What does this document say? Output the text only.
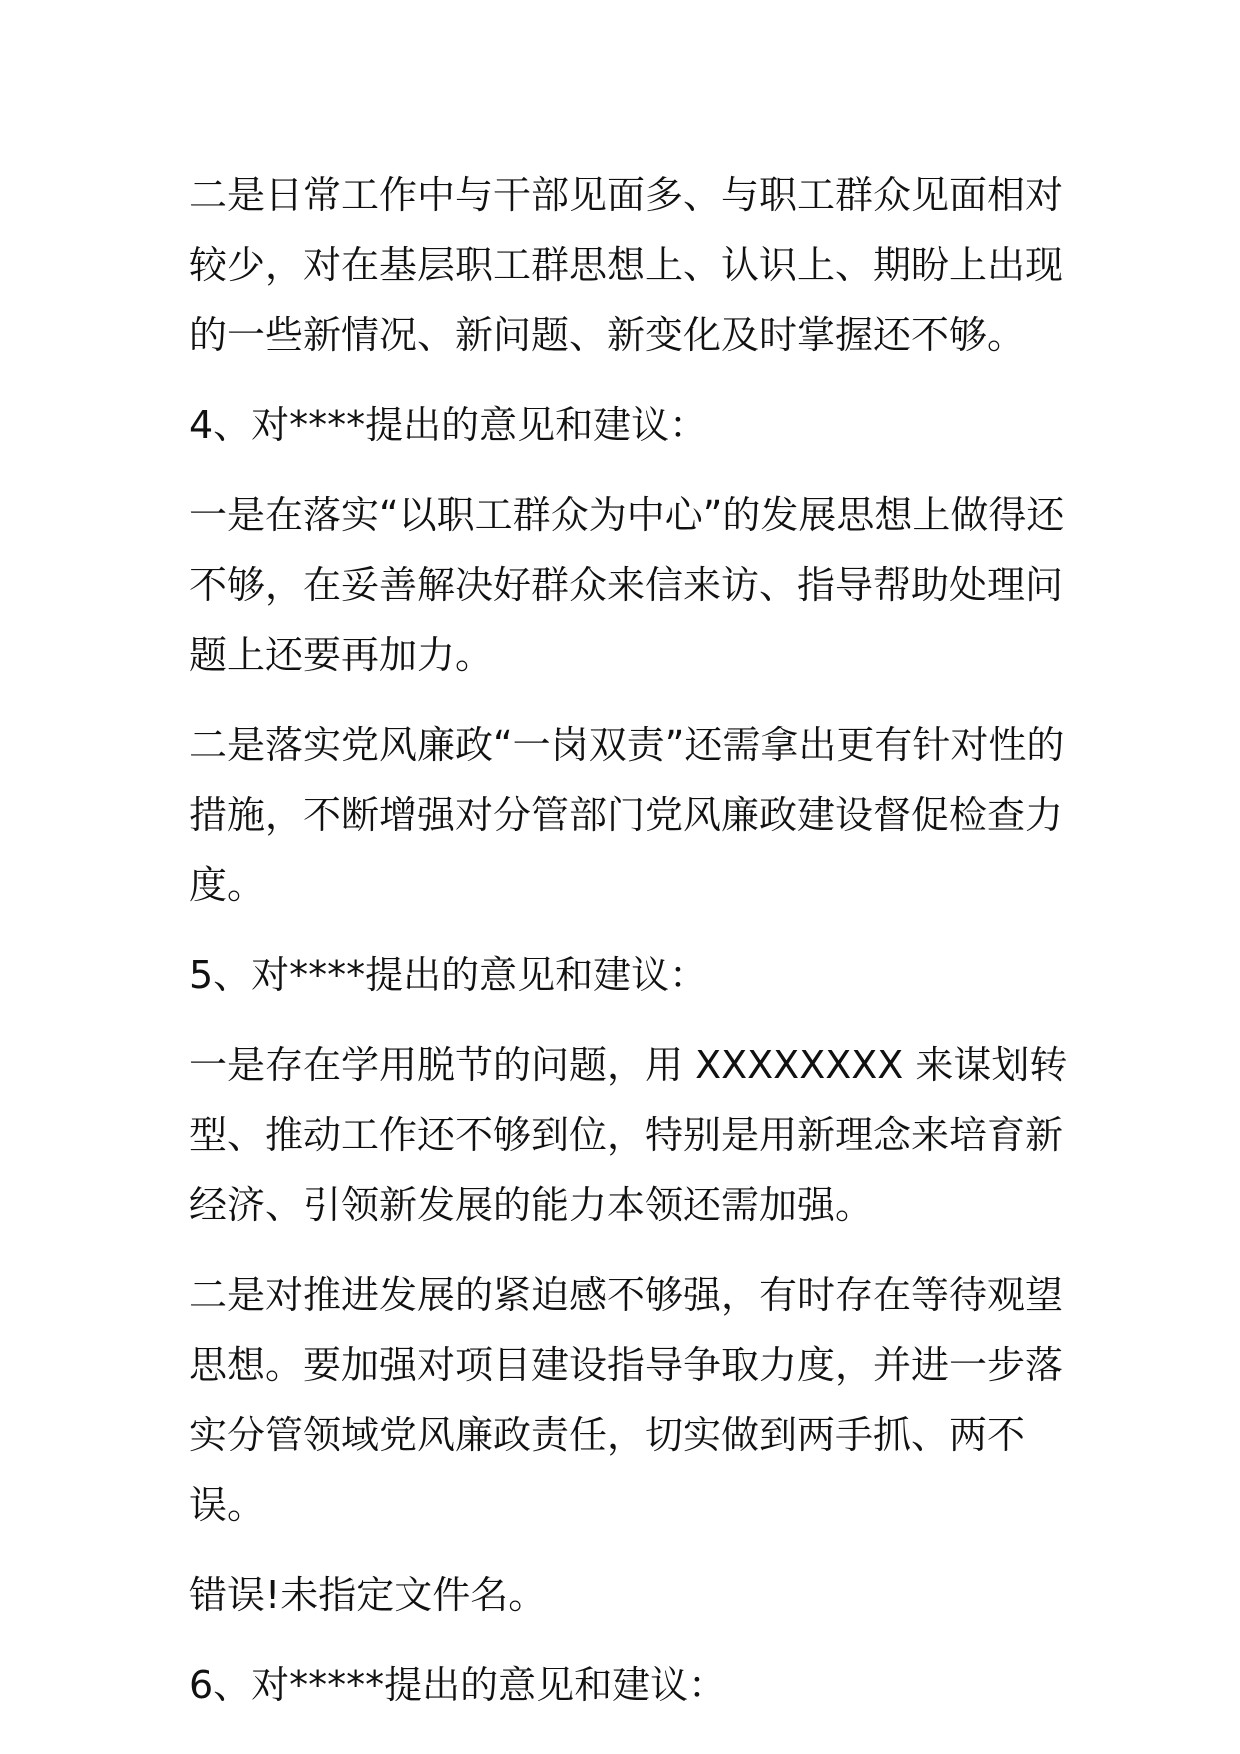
二是日常工作中与干部见面多、与职工群众见面相对较少，对在基层职工群思想上、认识上、期盼上出现的一些新情况、新问题、新变化及时掌握还不够。

4、对****提出的意见和建议：

一是在落实“以职工群众为中心”的发展思想上做得还不够，在妥善解决好群众来信来访、指导帮助处理问题上还要再加力。

二是落实党风廉政“一岗双责”还需拿出更有针对性的措施，不断增强对分管部门党风廉政建设督促检查力度。

5、对****提出的意见和建议：

一是存在学用脱节的问题，用 XXXXXXXX 来谋划转型、推动工作还不够到位，特别是用新理念来培育新经济、引领新发展的能力本领还需加强。

二是对推进发展的紧迫感不够强，有时存在等待观望思想。要加强对项目建设指导争取力度，并进一步落实分管领域党风廉政责任，切实做到两手抓、两不误。

错误!未指定文件名。

6、对*****提出的意见和建议：
